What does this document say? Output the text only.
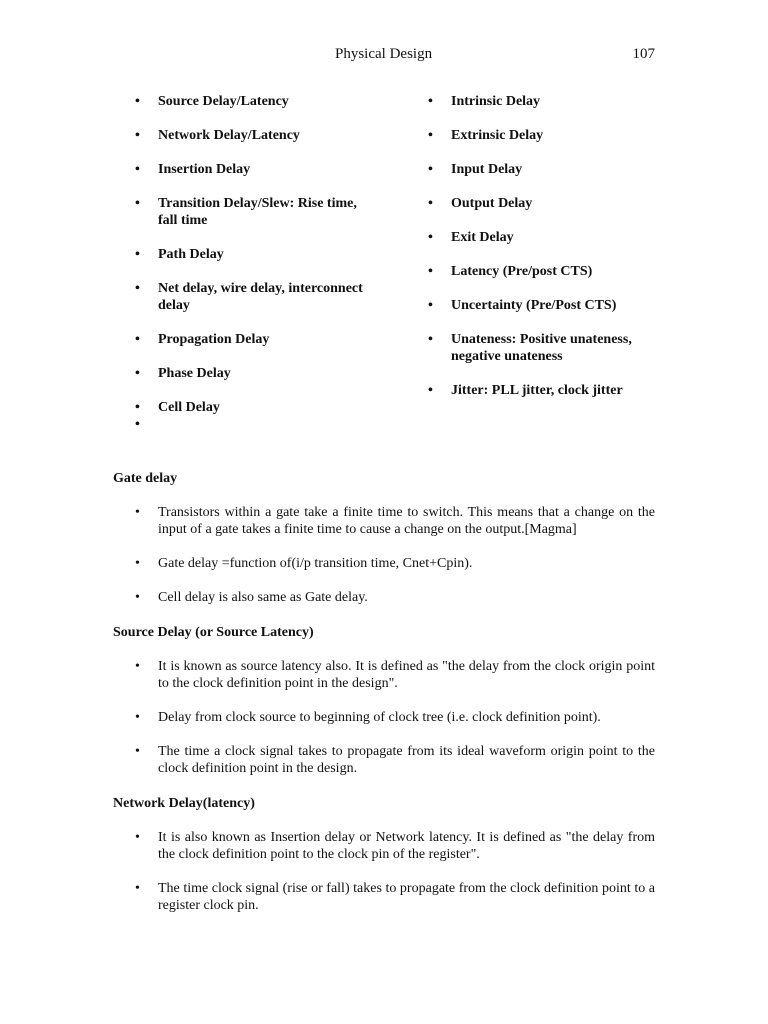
Physical Design	107
• Source Delay/Latency
• Network Delay/Latency
• Insertion Delay
• Transition Delay/Slew: Rise time, fall time
• Path Delay
• Net delay, wire delay, interconnect delay
• Propagation Delay
• Phase Delay
• Cell Delay
•
• Intrinsic Delay
• Extrinsic Delay
• Input Delay
• Output Delay
• Exit Delay
• Latency (Pre/post CTS)
• Uncertainty (Pre/Post CTS)
• Unateness: Positive unateness, negative unateness
• Jitter: PLL jitter, clock jitter
Gate delay
• Transistors within a gate take a finite time to switch. This means that a change on the input of a gate takes a finite time to cause a change on the output.[Magma]
• Gate delay =function of(i/p transition time, Cnet+Cpin).
• Cell delay is also same as Gate delay.
Source Delay (or Source Latency)
• It is known as source latency also. It is defined as "the delay from the clock origin point to the clock definition point in the design".
• Delay from clock source to beginning of clock tree (i.e. clock definition point).
• The time a clock signal takes to propagate from its ideal waveform origin point to the clock definition point in the design.
Network Delay(latency)
• It is also known as Insertion delay or Network latency. It is defined as "the delay from the clock definition point to the clock pin of the register".
• The time clock signal (rise or fall) takes to propagate from the clock definition point to a register clock pin.
